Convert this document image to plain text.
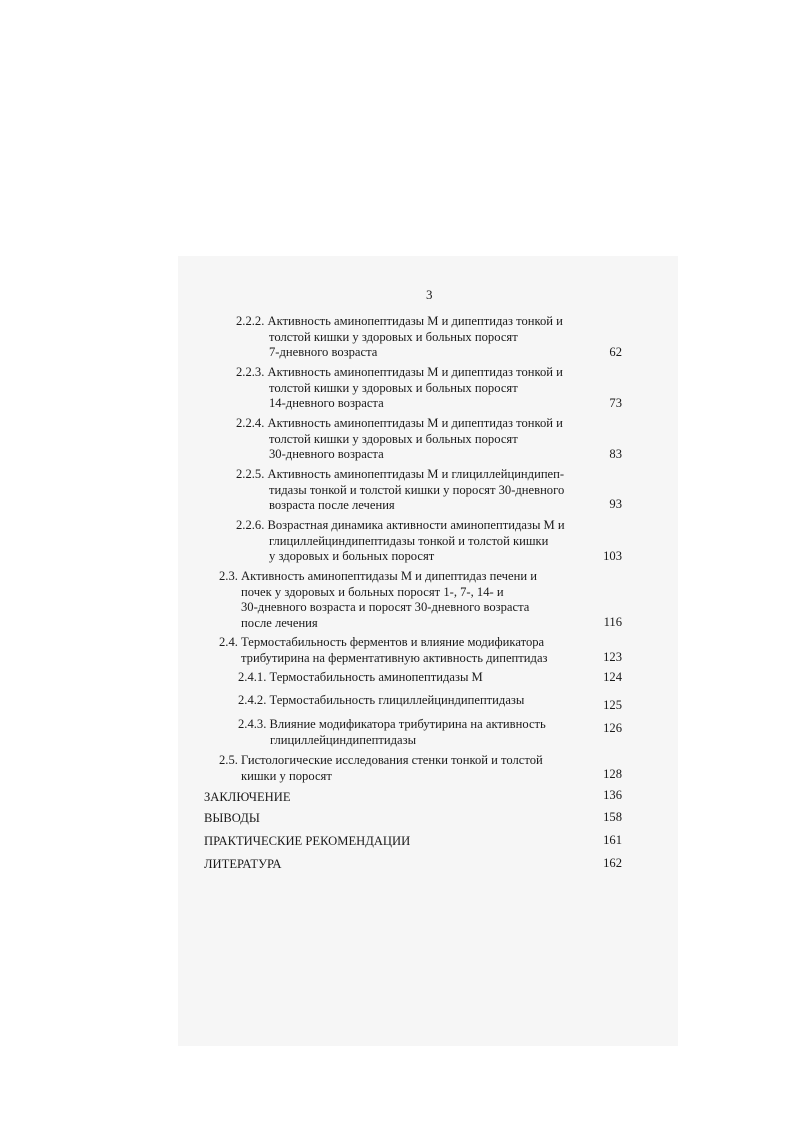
3
2.2.2. Активность аминопептидазы М и дипептидаз тонкой и
толстой кишки у здоровых и больных поросят
7-дневного возраста	62
2.2.3. Активность аминопептидазы М и дипептидаз тонкой и
толстой кишки у здоровых и больных поросят
14-дневного возраста	73
2.2.4. Активность аминопептидазы М и дипептидаз тонкой и
толстой кишки у здоровых и больных поросят
30-дневного возраста	83
2.2.5. Активность аминопептидазы М и глициллейциндипеп-
тидазы тонкой и толстой кишки у поросят 30-дневного
возраста после лечения	93
2.2.6. Возрастная динамика активности аминопептидазы М и
глициллейциндипептидазы тонкой и толстой кишки
у здоровых и больных поросят	103
2.3. Активность аминопептидазы М и дипептидаз печени и
почек у здоровых и больных поросят 1-, 7-, 14- и
30-дневного возраста и поросят 30-дневного возраста
после лечения	116
2.4. Термостабильность ферментов и влияние модификатора
трибутирина на ферментативную активность дипептидаз	123
2.4.1. Термостабильность аминопептидазы М	124
2.4.2. Термостабильность глициллейциндипептидазы	125
2.4.3. Влияние модификатора трибутирина на активность
глициллейциндипептидазы
126
2.5. Гистологические исследования стенки тонкой и толстой
кишки у поросят	128
ЗАКЛЮЧЕНИЕ	136
ВЫВОДЫ	158
ПРАКТИЧЕСКИЕ РЕКОМЕНДАЦИИ	161
ЛИТЕРАТУРА	162
